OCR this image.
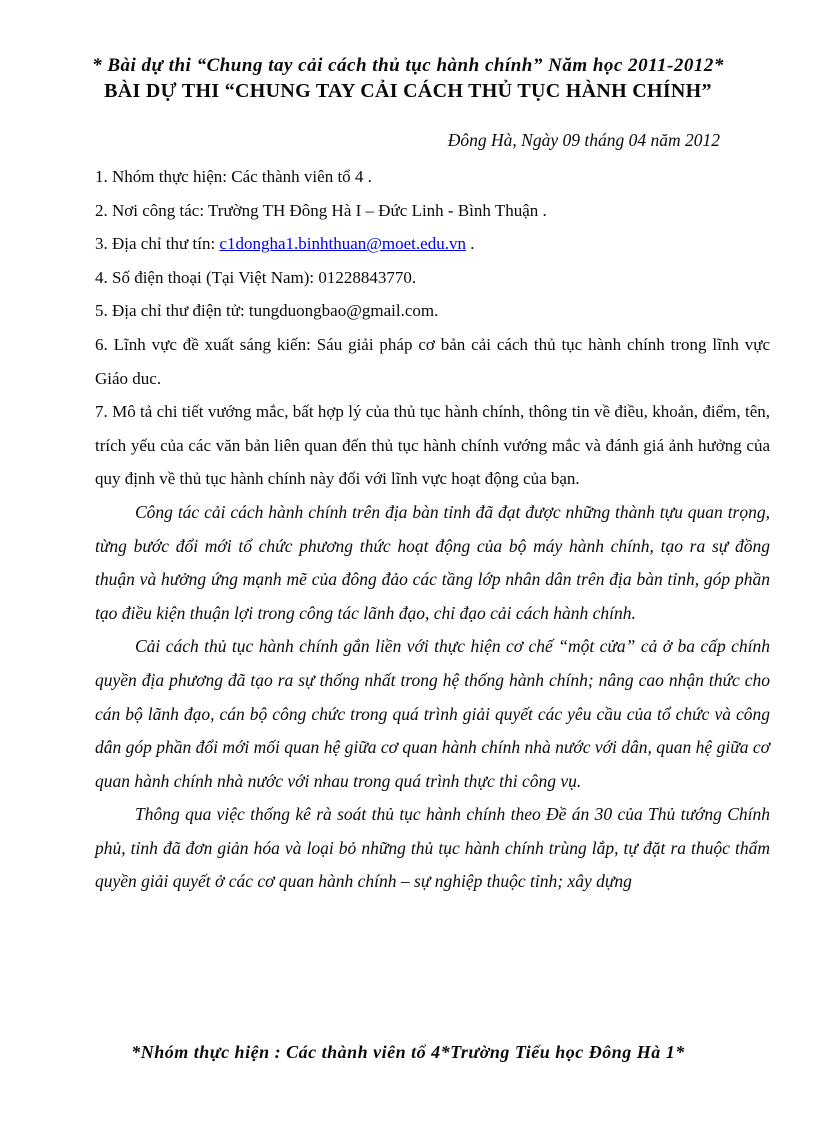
* Bài dự thi “Chung tay cải cách thủ tục hành chính” Năm học 2011-2012*
BÀI DỰ THI “CHUNG TAY CẢI CÁCH THỦ TỤC HÀNH CHÍNH”
Đông Hà, Ngày 09 tháng 04 năm 2012

1. Nhóm thực hiện: Các thành viên tổ 4 .

2. Nơi công tác: Trường TH Đông Hà I – Đức Linh - Bình Thuận .

3. Địa chỉ thư tín: c1dongha1.binhthuan@moet.edu.vn .

4. Số điện thoại (Tại Việt Nam): 01228843770.

5. Địa chỉ thư điện tử: tungduongbao@gmail.com.

6. Lĩnh vực đề xuất sáng kiến: Sáu giải pháp cơ bản cải cách thủ tục hành chính trong lĩnh vực Giáo duc.

7. Mô tả chi tiết vướng mắc, bất hợp lý của thủ tục hành chính, thông tin về điều, khoản, điểm, tên, trích yếu của các văn bản liên quan đến thủ tục hành chính vướng mắc và đánh giá ảnh hưởng của quy định về thủ tục hành chính này đối với lĩnh vực hoạt động của bạn.

Công tác cải cách hành chính trên địa bàn tỉnh đã đạt được những thành tựu quan trọng, từng bước đổi mới tổ chức phương thức hoạt động của bộ máy hành chính, tạo ra sự đồng thuận và hưởng ứng mạnh mẽ của đông đảo các tầng lớp nhân dân trên địa bàn tỉnh, góp phần tạo điều kiện thuận lợi trong công tác lãnh đạo, chỉ đạo cải cách hành chính.

Cải cách thủ tục hành chính gắn liền với thực hiện cơ chế “một cửa” cả ở ba cấp chính quyền địa phương đã tạo ra sự thống nhất trong hệ thống hành chính; nâng cao nhận thức cho cán bộ lãnh đạo, cán bộ công chức trong quá trình giải quyết các yêu cầu của tổ chức và công dân góp phần đổi mới mối quan hệ giữa cơ quan hành chính nhà nước với dân, quan hệ giữa cơ quan hành chính nhà nước với nhau trong quá trình thực thi công vụ.

Thông qua việc thống kê rà soát thủ tục hành chính theo Đề án 30 của Thủ tướng Chính phủ, tỉnh đã đơn giản hóa và loại bỏ những thủ tục hành chính trùng lắp, tự đặt ra thuộc thẩm quyền giải quyết ở các cơ quan hành chính – sự nghiệp thuộc tỉnh; xây dựng

*Nhóm thực hiện : Các thành viên tổ 4*Trường Tiểu học Đông Hà 1*
